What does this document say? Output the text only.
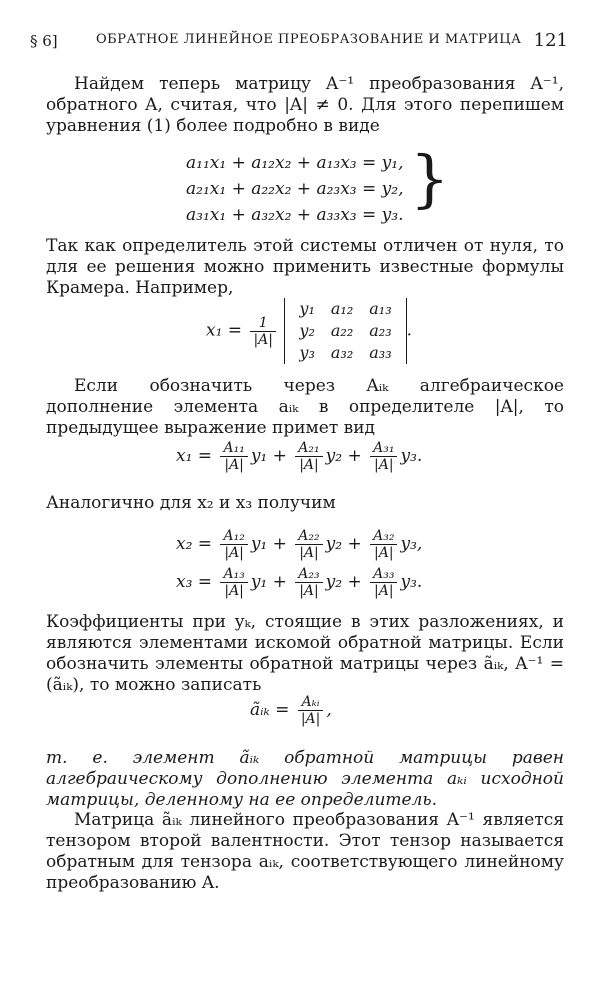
§ 6]	ОБРАТНОЕ ЛИНЕЙНОЕ ПРЕОБРАЗОВАНИЕ И МАТРИЦА 121

Найдем теперь матрицу A⁻¹ преобразования A⁻¹, обратного A, считая, что |A| ≠ 0. Для этого перепишем уравнения (1) более подробно в виде

a₁₁x₁ + a₁₂x₂ + a₁₃x₃ = y₁,
a₂₁x₁ + a₂₂x₂ + a₂₃x₃ = y₂,
a₃₁x₁ + a₃₂x₂ + a₃₃x₃ = y₃. }

Так как определитель этой системы отличен от нуля, то для ее решения можно применить известные формулы Крамера. Например,

$x_1 = \frac{1}{|A|}$

y₁	a₁₂	a₁₃
y₂	a₂₂	a₂₃
y₃	a₃₂	a₃₃
.

Если обозначить через Aᵢₖ алгебраическое дополнение элемента aᵢₖ в определителе |A|, то предыдущее выражение примет вид

$x_1 = \frac{\text{A₁₁}}{|A|} y_1 + \frac{\text{A₂₁}}{|A|} y_2 + \frac{\text{A₃₁}}{|A|} y_3$.

Аналогично для x₂ и x₃ получим

$x_2 = \frac{\text{A₁₂}}{|A|} y_1 + \frac{\text{A₂₂}}{|A|} y_2 + \frac{\text{A₃₂}}{|A|} y_3$,
$x_3 = \frac{\text{A₁₃}}{|A|} y_1 + \frac{\text{A₂₃}}{|A|} y_2 + \frac{\text{A₃₃}}{|A|} y_3$.

Коэффициенты при yₖ, стоящие в этих разложениях, и являются элементами искомой обратной матрицы. Если обозначить элементы обратной матрицы через ãᵢₖ, A⁻¹ = (ãᵢₖ), то можно записать

ãᵢₖ = $\frac{\text{Aₖᵢ}}{|A|}$ ,

т. е. элемент ãᵢₖ обратной матрицы равен алгебраическому дополнению элемента aₖᵢ исходной матрицы, деленному на ее определитель.

Матрица ãᵢₖ линейного преобразования A⁻¹ является тензором второй валентности. Этот тензор называется обратным для тензора aᵢₖ, соответствующего линейному преобразованию A.
